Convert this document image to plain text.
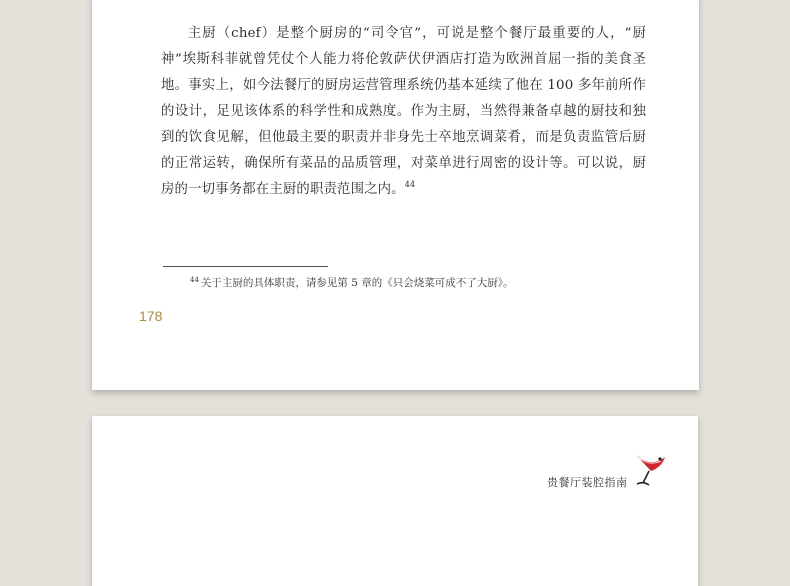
主厨（chef）是整个厨房的“司令官”，可说是整个餐厅最重要的人，“厨神”埃斯科菲就曾凭仗个人能力将伦敦萨伏伊酒店打造为欧洲首屈一指的美食圣地。事实上，如今法餐厅的厨房运营管理系统仍基本延续了他在 100 多年前所作的设计，足见该体系的科学性和成熟度。作为主厨，当然得兼备卓越的厨技和独到的饮食见解，但他最主要的职责并非身先士卒地烹调菜肴，而是负责监管后厨的正常运转，确保所有菜品的品质管理，对菜单进行周密的设计等。可以说，厨房的一切事务都在主厨的职责范围之内。$^{44}$

$^{44}$ 关于主厨的具体职责，请参见第 5 章的《只会烧菜可成不了大厨》。

178
贵餐厅装腔指南
